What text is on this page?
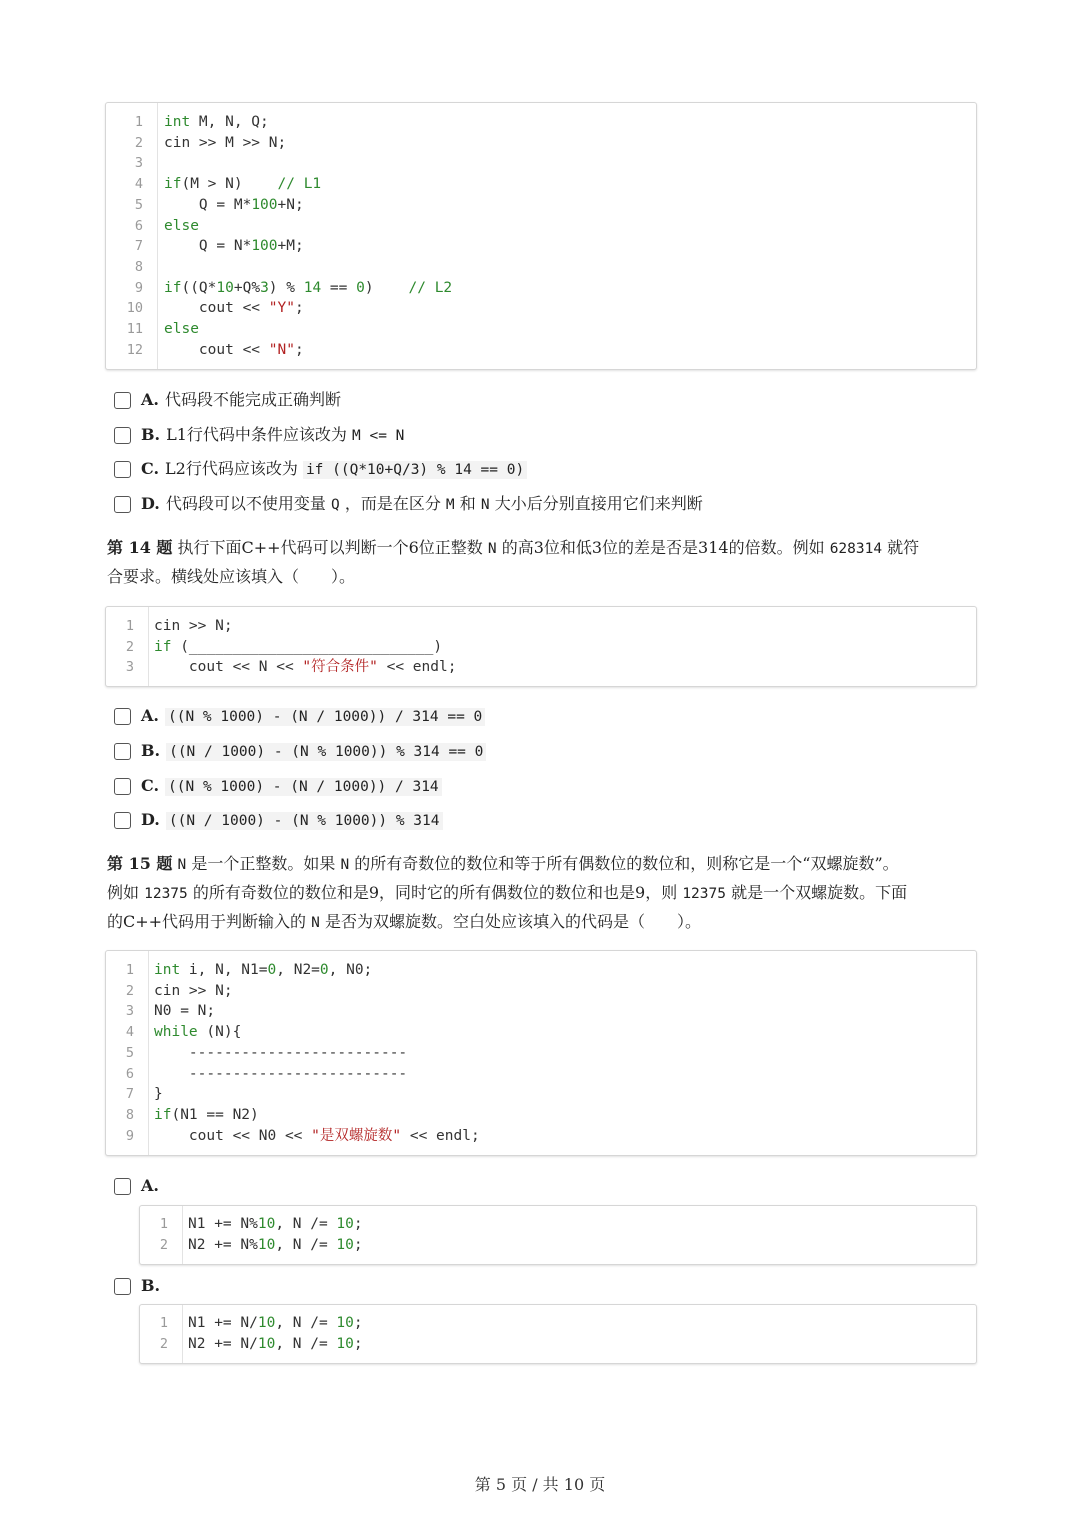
1 int M, N, Q;
2 cin >> M >> N;
3
4 if(M > N)    // L1
5 Q = M*100+N;
6 else
7 Q = N*100+M;
8
9 if((Q*10+Q%3) % 14 == 0)    // L2
10 cout << "Y";
11 else
12 cout << "N";
A. 代码段不能完成正确判断
B. L1行代码中条件应该改为 M <= N
C. L2行代码应该改为 if ((Q*10+Q/3) % 14 == 0)
D. 代码段可以不使用变量 Q ，而是在区分 M 和 N 大小后分别直接用它们来判断
第 14 题 执行下面C++代码可以判断一个6位正整数 N 的高3位和低3位的差是否是314的倍数。例如 628314 就符
合要求。横线处应该填入（　　）。
1 cin >> N;
2 if (____________________________)
3 cout << N << "符合条件" << endl;
A. ((N % 1000) - (N / 1000)) / 314 == 0
B. ((N / 1000) - (N % 1000)) % 314 == 0
C. ((N % 1000) - (N / 1000)) / 314
D. ((N / 1000) - (N % 1000)) % 314
第 15 题 N 是一个正整数。如果 N 的所有奇数位的数位和等于所有偶数位的数位和，则称它是一个“双螺旋数”。
例如 12375 的所有奇数位的数位和是9，同时它的所有偶数位的数位和也是9，则 12375 就是一个双螺旋数。下面
的C++代码用于判断输入的 N 是否为双螺旋数。空白处应该填入的代码是（　　）。
1 int i, N, N1=0, N2=0, N0;
2 cin >> N;
3 N0 = N;
4 while (N){
5 -------------------------
6 -------------------------
7 }
8 if(N1 == N2)
9 cout << N0 << "是双螺旋数" << endl;
A.
1 N1 += N%10, N /= 10;
2 N2 += N%10, N /= 10;
B.
1 N1 += N/10, N /= 10;
2 N2 += N/10, N /= 10;
第 5 页 / 共 10 页
